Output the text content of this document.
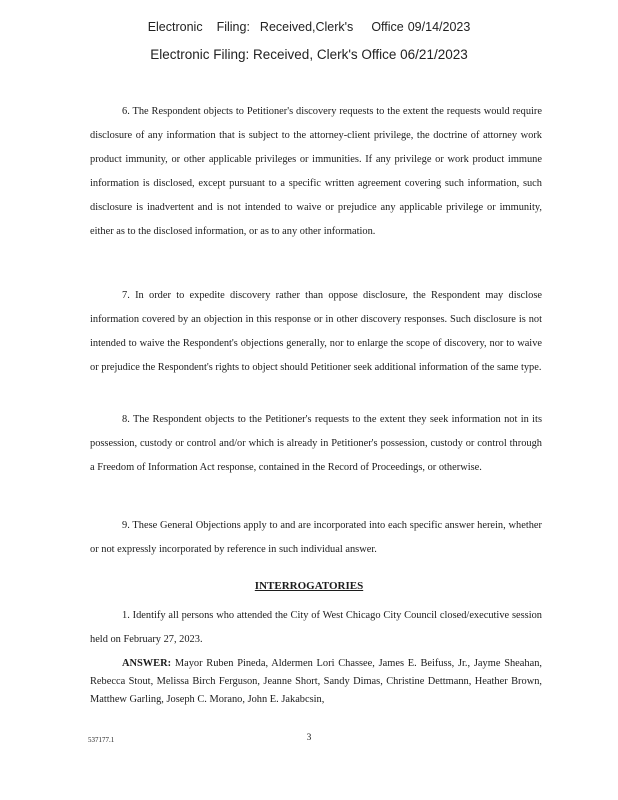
Electronic Filing: Received,Clerk's Office 09/14/2023
Electronic Filing: Received, Clerk's Office 06/21/2023

6. The Respondent objects to Petitioner's discovery requests to the extent the requests would require disclosure of any information that is subject to the attorney-client privilege, the doctrine of attorney work product immunity, or other applicable privileges or immunities. If any privilege or work product immune information is disclosed, except pursuant to a specific written agreement covering such information, such disclosure is inadvertent and is not intended to waive or prejudice any applicable privilege or immunity, either as to the disclosed information, or as to any other information.

7. In order to expedite discovery rather than oppose disclosure, the Respondent may disclose information covered by an objection in this response or in other discovery responses. Such disclosure is not intended to waive the Respondent's objections generally, nor to enlarge the scope of discovery, nor to waive or prejudice the Respondent's rights to object should Petitioner seek additional information of the same type.

8. The Respondent objects to the Petitioner's requests to the extent they seek information not in its possession, custody or control and/or which is already in Petitioner's possession, custody or control through a Freedom of Information Act response, contained in the Record of Proceedings, or otherwise.

9. These General Objections apply to and are incorporated into each specific answer herein, whether or not expressly incorporated by reference in such individual answer.

INTERROGATORIES

1. Identify all persons who attended the City of West Chicago City Council closed/executive session held on February 27, 2023.

ANSWER: Mayor Ruben Pineda, Aldermen Lori Chassee, James E. Beifuss, Jr., Jayme Sheahan, Rebecca Stout, Melissa Birch Ferguson, Jeanne Short, Sandy Dimas, Christine Dettmann, Heather Brown, Matthew Garling, Joseph C. Morano, John E. Jakabcsin,

537177.1	3
